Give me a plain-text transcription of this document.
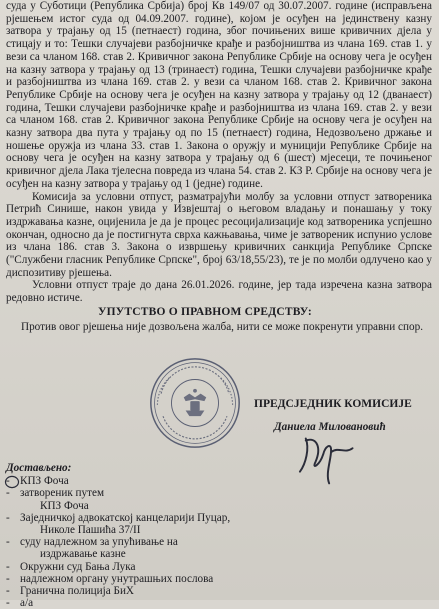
суда у Суботици (Република Србија) број Кв 149/07 од 30.07.2007. године (исправљена рјешењем истог суда од 04.09.2007. године), којом је осуђен на јединствену казну затвора у трајању од 15 (петнаест) година, због почињених више кривичних дјела у стицају и то: Тешки случајеви разбојничке крађе и разбојништва из члана 169. став 1. у вези са чланом 168. став 2. Кривичног закона Републике Србије на основу чега је осуђен на казну затвора у трајању од 13 (тринаест) година, Тешки случајеви разбојничке крађе и разбојништва из члана 169. став 2. у вези са чланом 168. став 2. Кривичног закона Републике Србије на основу чега је осуђен на казну затвора у трајању од 12 (дванаест) година, Тешки случајеви разбојничке крађе и разбојништва из члана 169. став 2. у вези са чланом 168. став 2. Кривичног закона Републике Србије на основу чега је осуђен на казну затвора два пута у трајању од по 15 (петнаест) година, Недозвољено држање и ношење оружја из члана 33. став 1. Закона о оружју и муницији Републике Србије на основу чега је осуђен на казну затвора у трајању од 6 (шест) мјесеци, те почињеног кривичног дјела Лака тјелесна повреда из члана 54. став 2. КЗ Р. Србије на основу чега је осуђен на казну затвора у трајању од 1 (једне) године.

Комисија за условни отпуст, разматрајући молбу за условни отпуст затвореника Петрић Синише, након увида у Извјештај о његовом владању и понашању у току издржавања казне, оцијенила је да је процес ресоцијализације код затвореника успјешно окончан, односно да је постигнута сврха кажњавања, чиме је затвореник испунио услове из члана 186. став 3. Закона о извршењу кривичних санкција Републике Српске ("Службени гласник Републике Српске", број 63/18,55/23), те је по молби одлучено као у диспозитиву рјешења.

Условни отпуст траје до дана 26.01.2026. године, јер тада изречена казна затвора редовно истиче.

УПУТСТВО О ПРАВНОМ СРЕДСТВУ:
Против овог рјешења није дозвољена жалба, нити се може покренути управни спор.
ПРЕДСЈЕДНИК КОМИСИЈЕ
Даниела Миловановић
Достављено:
- КПЗ Фоча
- затвореник путем
КПЗ Фоча
- Заједничкој адвокатској канцеларији Пуцар,
Николе Пашића 37/II
- суду надлежном за упућивање на
издржавање казне
- Окружни суд Бања Лука
- надлежном органу унутрашњих послова
- Гранична полиција БиХ
- а/а
